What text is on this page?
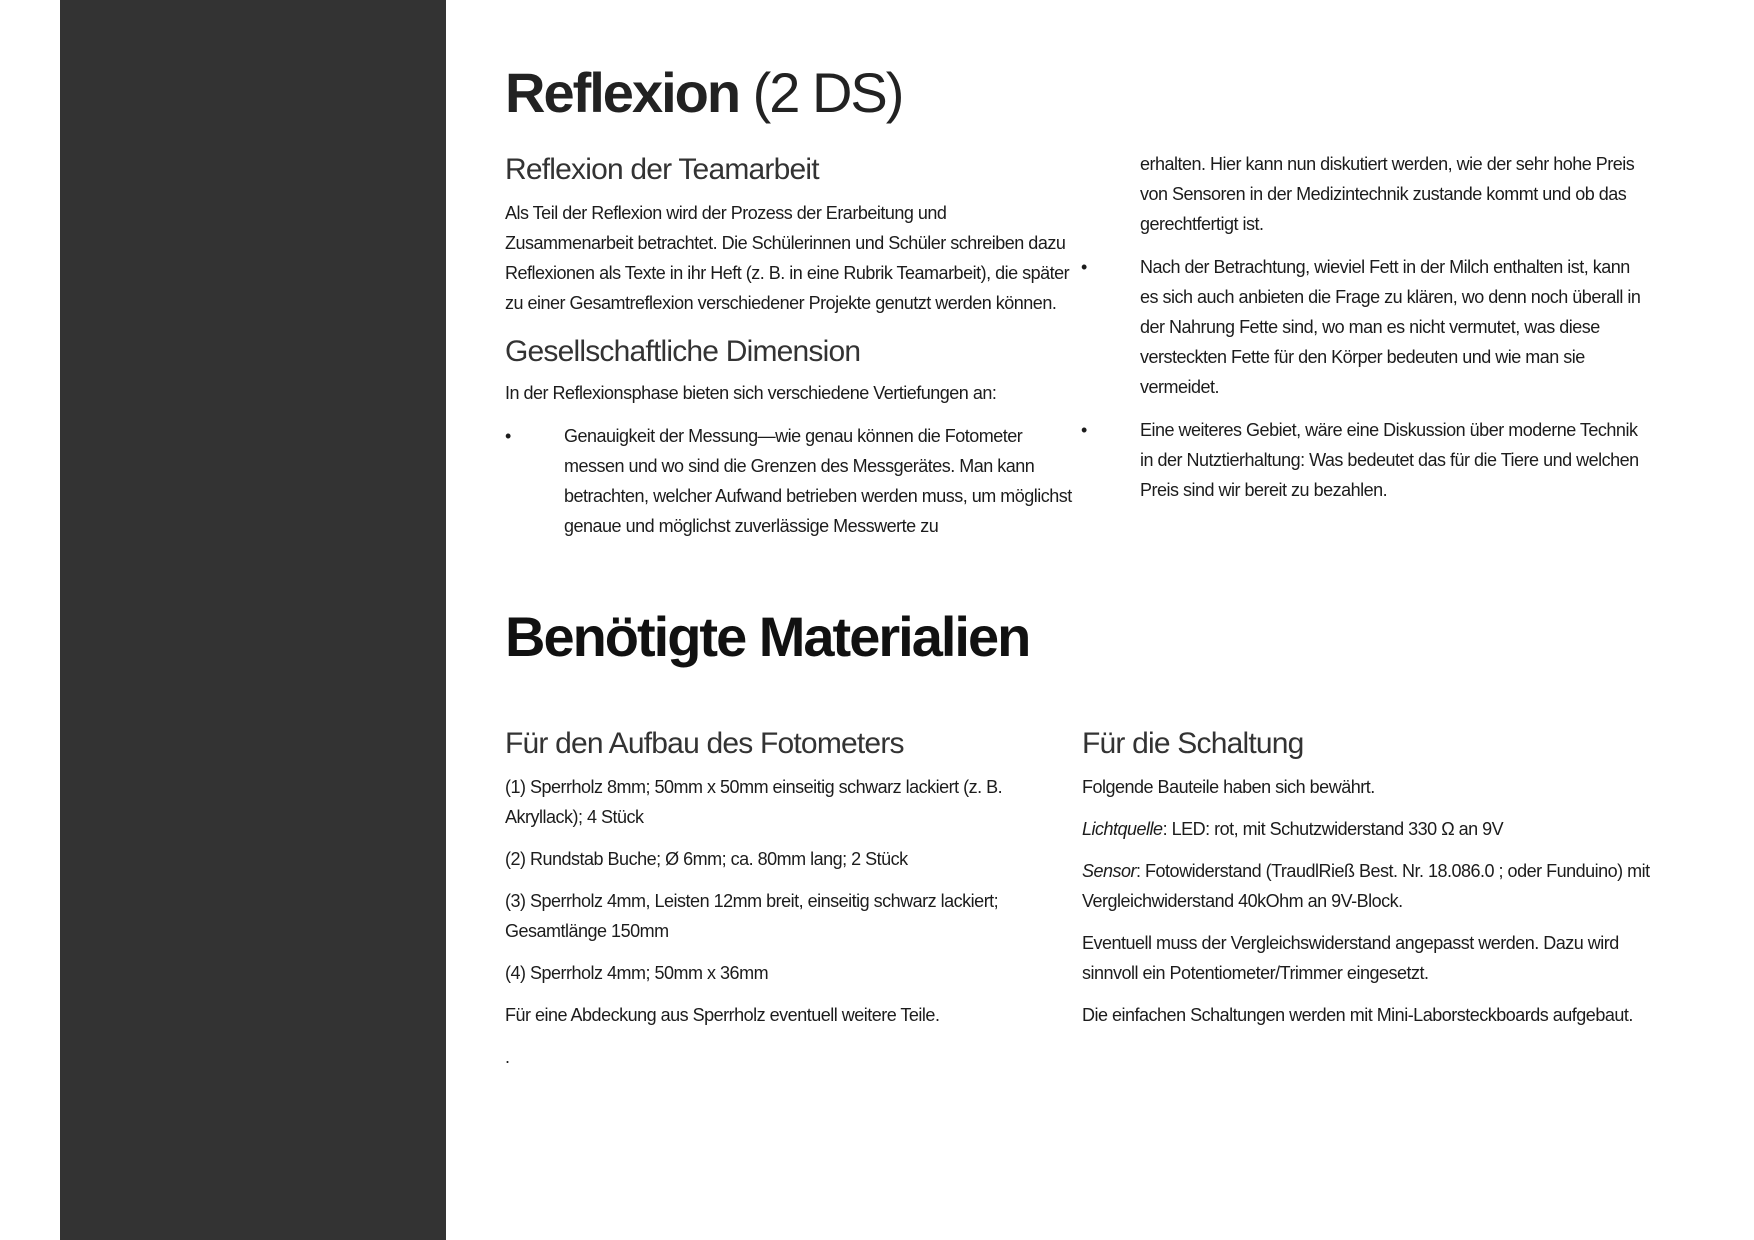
Reflexion (2 DS)
Reflexion der Teamarbeit

Als Teil der Reflexion wird der Prozess der Erarbeitung und Zusammenarbeit betrachtet. Die Schülerinnen und Schüler schreiben dazu Reflexionen als Texte in ihr Heft (z. B. in eine Rubrik Teamarbeit), die später zu einer Gesamtreflexion verschiedener Projekte genutzt werden können.

Gesellschaftliche Dimension

In der Reflexionsphase bieten sich verschiedene Vertiefungen an:

•	Genauigkeit der Messung—wie genau können die Fotometer messen und wo sind die Grenzen des Messgerätes. Man kann betrachten, welcher Aufwand betrieben werden muss, um möglichst genaue und möglichst zuverlässige Messwerte zu
erhalten. Hier kann nun diskutiert werden, wie der sehr hohe Preis von Sensoren in der Medizintechnik zustande kommt und ob das gerechtfertigt ist.
•	Nach der Betrachtung, wieviel Fett in der Milch enthalten ist, kann es sich auch anbieten die Frage zu klären, wo denn noch überall in der Nahrung Fette sind, wo man es nicht vermutet, was diese versteckten Fette für den Körper bedeuten und wie man sie vermeidet.
•	Eine weiteres Gebiet, wäre eine Diskussion über moderne Technik in der Nutztierhaltung: Was bedeutet das für die Tiere und welchen Preis sind wir bereit zu bezahlen.
Benötigte Materialien
Für den Aufbau des Fotometers

(1) Sperrholz 8mm; 50mm x 50mm einseitig schwarz lackiert (z. B. Akryllack); 4 Stück

(2) Rundstab Buche; Ø 6mm; ca. 80mm lang; 2 Stück

(3) Sperrholz 4mm, Leisten 12mm breit, einseitig schwarz lackiert; Gesamtlänge 150mm

(4) Sperrholz 4mm; 50mm x 36mm

Für eine Abdeckung aus Sperrholz eventuell weitere Teile.

.

Für die Schaltung

Folgende Bauteile haben sich bewährt.

Lichtquelle: LED: rot, mit Schutzwiderstand 330 Ω an 9V

Sensor: Fotowiderstand (TraudlRieß Best. Nr. 18.086.0 ; oder Funduino) mit Vergleichwiderstand 40kOhm an 9V-Block.

Eventuell muss der Vergleichswiderstand angepasst werden. Dazu wird sinnvoll ein Potentiometer/Trimmer eingesetzt.

Die einfachen Schaltungen werden mit Mini-Laborsteckboards aufgebaut.
